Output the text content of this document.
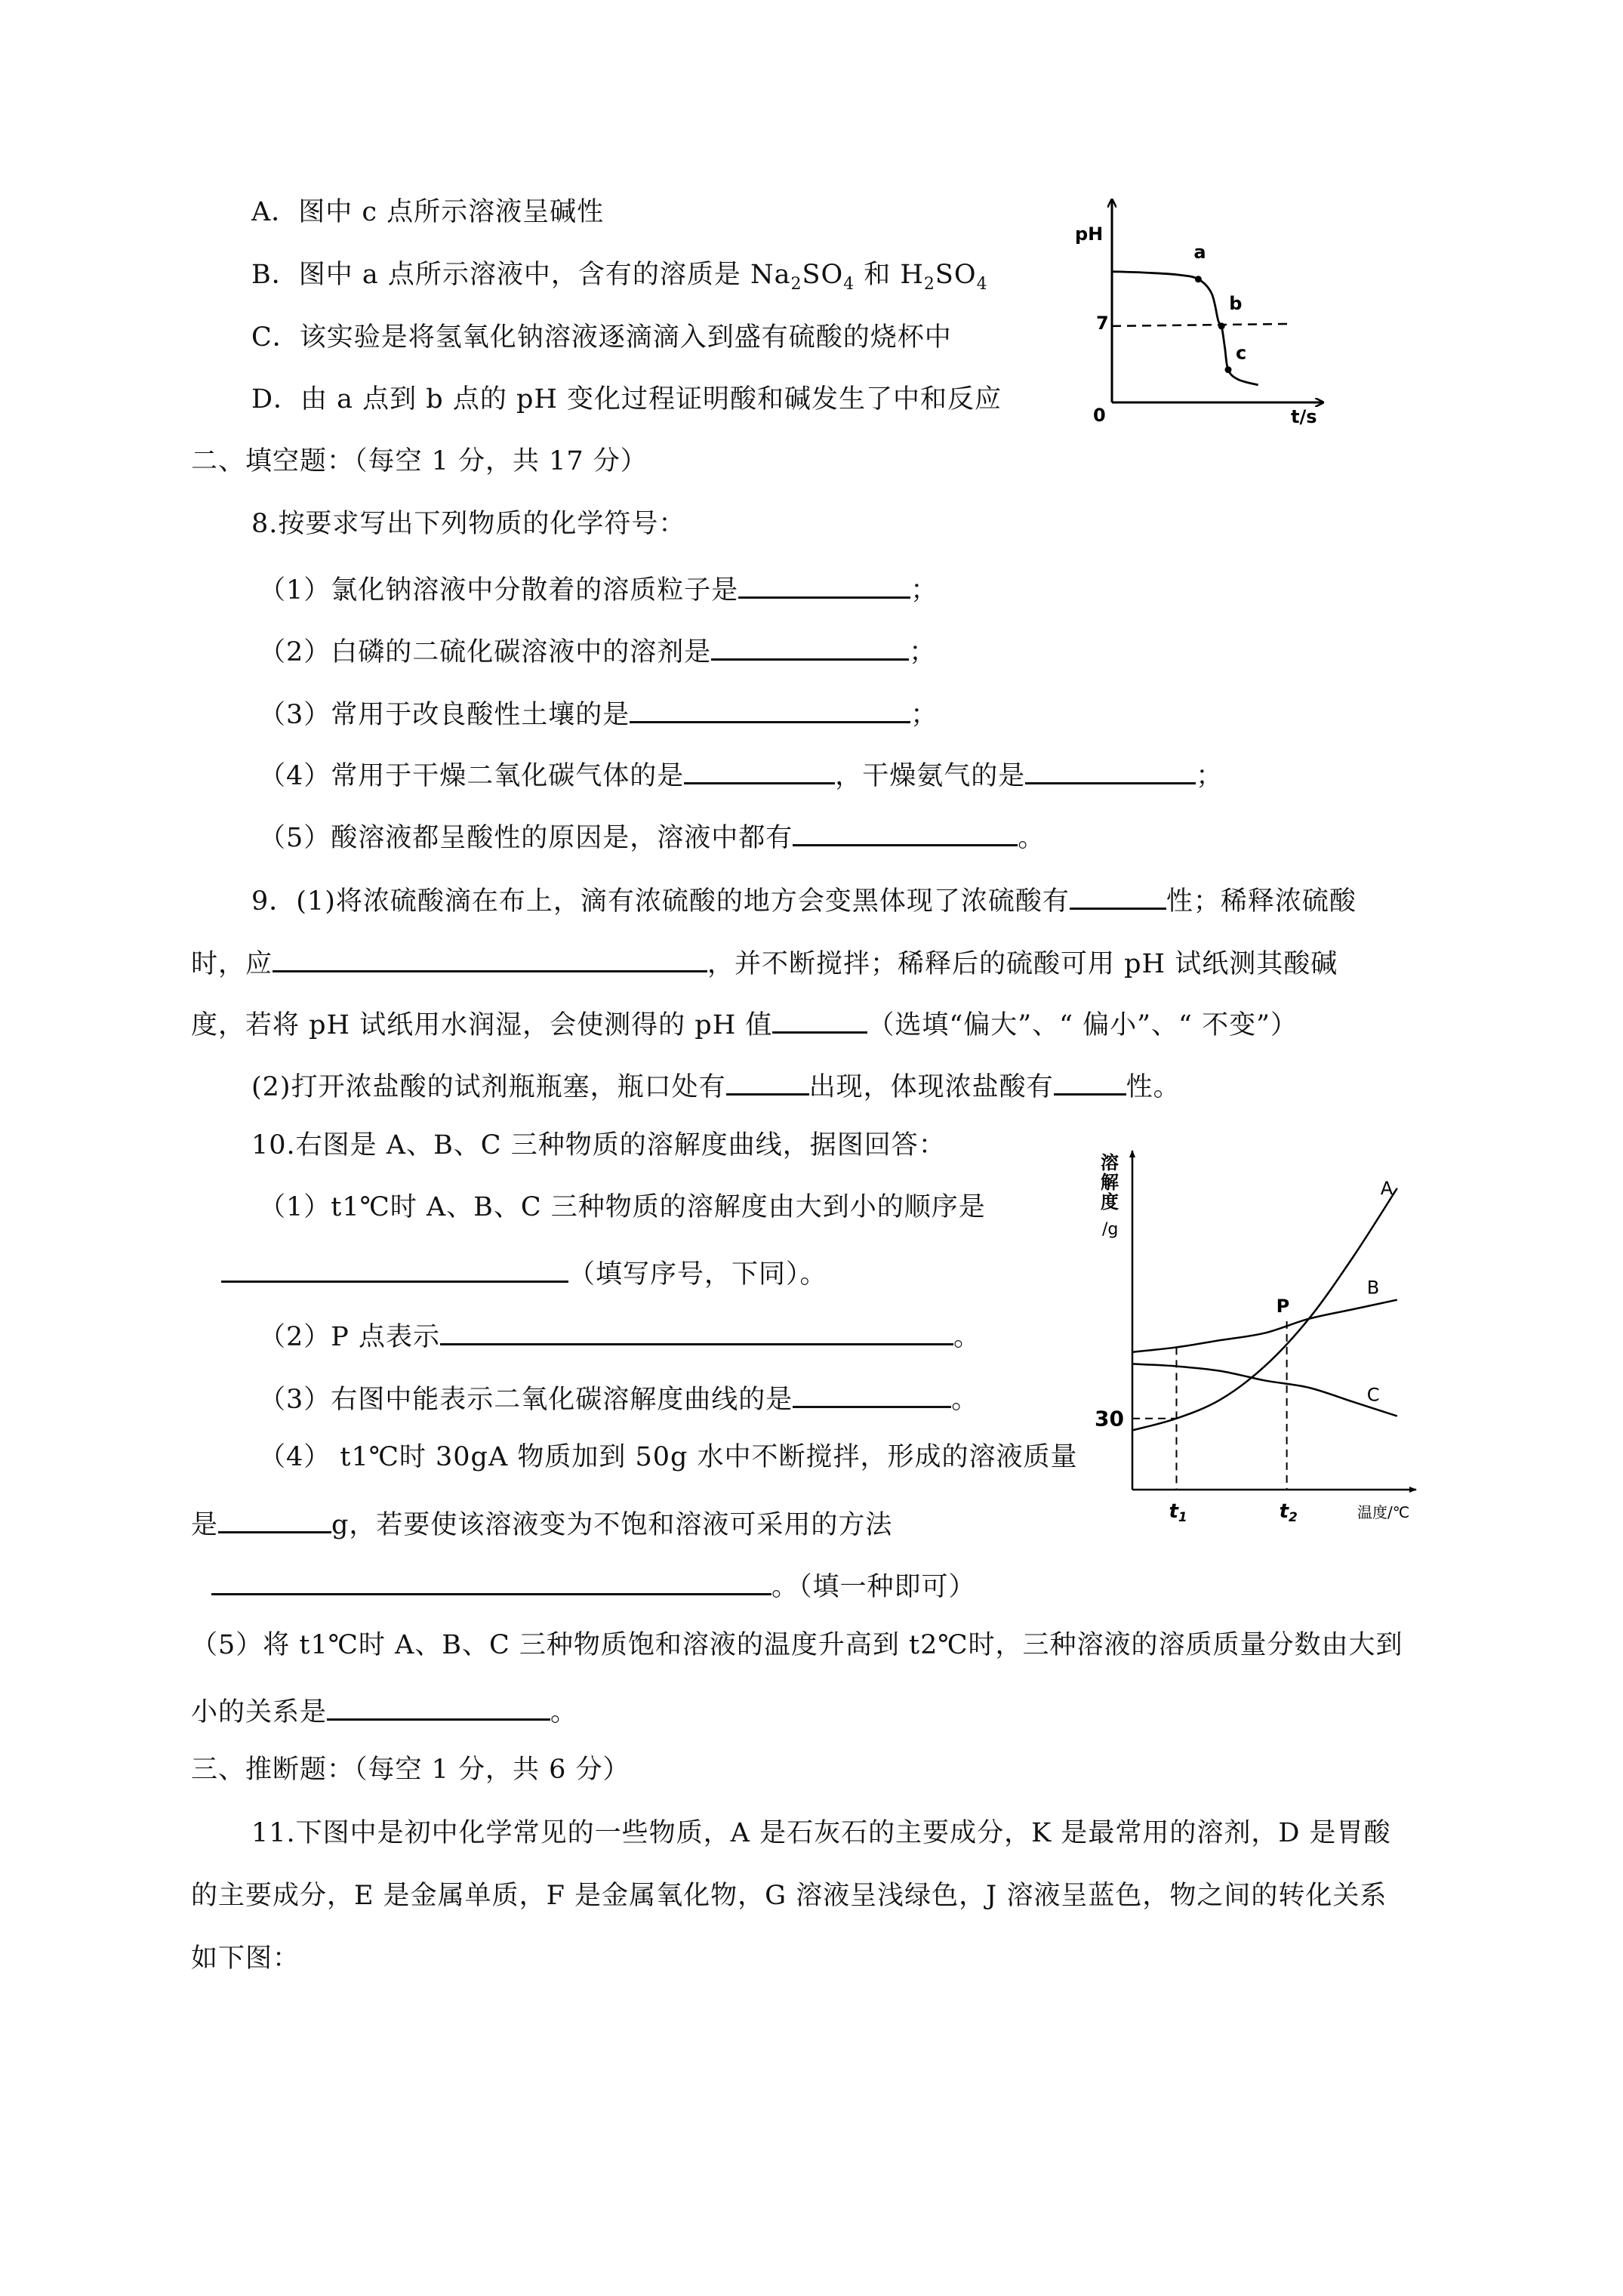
A．图中 c 点所示溶液呈碱性
B．图中 a 点所示溶液中，含有的溶质是 $Na_2SO_4$ 和 $H_2SO_4$
C．该实验是将氢氧化钠溶液逐滴滴入到盛有硫酸的烧杯中
D．由 a 点到 b 点的 pH 变化过程证明酸和碱发生了中和反应
pH
t/s
0
7
a
b
c
二、填空题：（每空 1 分，共 17 分）
8.按要求写出下列物质的化学符号：
（1）氯化钠溶液中分散着的溶质粒子是	；
（2）白磷的二硫化碳溶液中的溶剂是	；
（3）常用于改良酸性土壤的是	；
（4）常用于干燥二氧化碳气体的是	，干燥氨气的是	；
（5）酸溶液都呈酸性的原因是，溶液中都有	。
9．(1)将浓硫酸滴在布上，滴有浓硫酸的地方会变黑体现了浓硫酸有	性；稀释浓硫酸
时，应	，并不断搅拌；稀释后的硫酸可用 pH 试纸测其酸碱
度，若将 pH 试纸用水润湿，会使测得的 pH 值	（选填“偏大”、“ 偏小”、“ 不变”）
(2)打开浓盐酸的试剂瓶瓶塞，瓶口处有	出现，体现浓盐酸有	性。
10.右图是 A、B、C 三种物质的溶解度曲线，据图回答：
（1）t1℃时 A、B、C 三种物质的溶解度由大到小的顺序是
（填写序号，下同）。
（2）P 点表示	。
（3）右图中能表示二氧化碳溶解度曲线的是	。
（4） t1℃时 30gA 物质加到 50g 水中不断搅拌，形成的溶液质量
是	g，若要使该溶液变为不饱和溶液可采用的方法
。（填一种即可）
（5）将 t1℃时 A、B、C 三种物质饱和溶液的温度升高到 t2℃时，三种溶液的溶质质量分数由大到
小的关系是	。
溶
解
度
/g
温度/℃
30
t1	t2
A
B
C
P
三、推断题：（每空 1 分，共 6 分）
11.下图中是初中化学常见的一些物质，A 是石灰石的主要成分，K 是最常用的溶剂，D 是胃酸
的主要成分，E 是金属单质，F 是金属氧化物，G 溶液呈浅绿色，J 溶液呈蓝色，物之间的转化关系
如下图：
